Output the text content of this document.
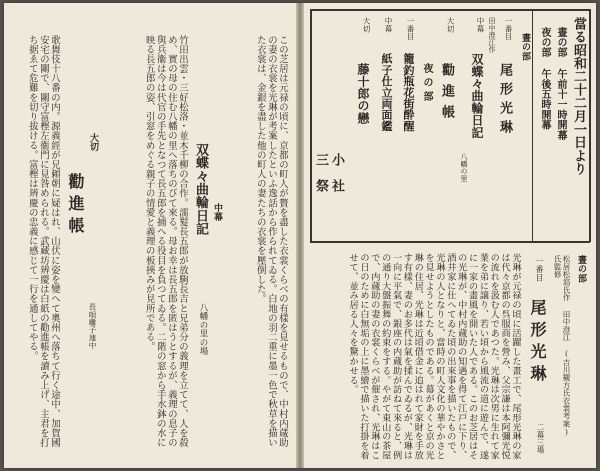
この芝居は元禄の頃に、京都の町人が贅を盡した衣裳くらべの有樣を見せるもので、中村内蔵助の妻の衣裳を光琳が考案したといふ逸話から作られてゐる。白地の羽二重に墨一色で秋草を描いた衣裳は、金銀を盡した他の町人の妻たちの衣裳を壓倒した。
中幕
双蝶々曲輪日記
八幡の里の場
竹田出雲・三好松洛・並木千柳の合作。濡髮長五郎が放駒長吉と兄弟分の義理を立てて、人を殺め、實の母の住む八幡の里へ落ちのびて來る。母お幸は長五郎を匿はうとするが、義理の息子の與兵衞は今は代官の手先となつて長五郎を捕へる役目を負つてゐる。二階の窓から手水鉢の水に映る長五郎の姿、引窓をめぐる親子の情愛と義理の板挾みが見所である。
大切
勸進帳
長唄囃子連中
歌舞伎十八番の内。源義經が兄頼朝に疑はれ、山伏に姿を變へて奧州へ落ちて行く途中、加賀國安宅の關で、關守富樫左衞門に見咎められる。武藏坊辨慶は白紙の勸進帳を讀み上げ、主君を打ち据ゑて危難を切り拔ける。富樫は辨慶の忠義に感じて一行を通してやる。	當る昭和二十二月一日より
晝の部 午前十一時開幕
夜の部 午後五時開幕
晝の部
一番目
尾形光琳
田中澄江作
中幕
双蝶々曲輪日記
八幡の里
大切
勸進帳
夜の部
一番目
籠釣瓶花街酔醒
中幕
紙子仕立両面鑑
大切
藤十郎の戀
小
三
社
祭
晝の部
松居松翁氏作 田中澄江氏監修
(吉川観方氏衣裳考案)
一番目
尾形光琳
二幕三場
光琳が元禄の頃に活躍した畫工で、尾形光琳の家は代々京都の呉服商を營み、父宗謙は本阿彌光悦の流れを汲む人であつた。光琳は次男に生れて家業を弟に譲り、若い頃から風流の道に遊んで、遂に一家の畫風を開いた人である。このお芝居はその光琳が、中村内蔵助の知遇を得て江戸に下り、酒井家に仕へてゐた頃の出來事を描いたもので、光琳の人となりと、當時の町人文化の華やかさとを見せようとしたものである。幕があくと京の光琳の住居、光琳は近頃借金に追はれて家財を手放す有樣、妻のお多代は氣を揉んでゐるが、光琳は一向に平氣で、銀座の内蔵助が訪ねて來ると、例の通り大盤振舞の約束をする。やがて東山の茶屋で、内蔵助の妻の衣裳くらべが催され、光琳はこの日のために白無垢の上に墨繪で描いた打掛を着せて、並み居る人々を驚かせる。
